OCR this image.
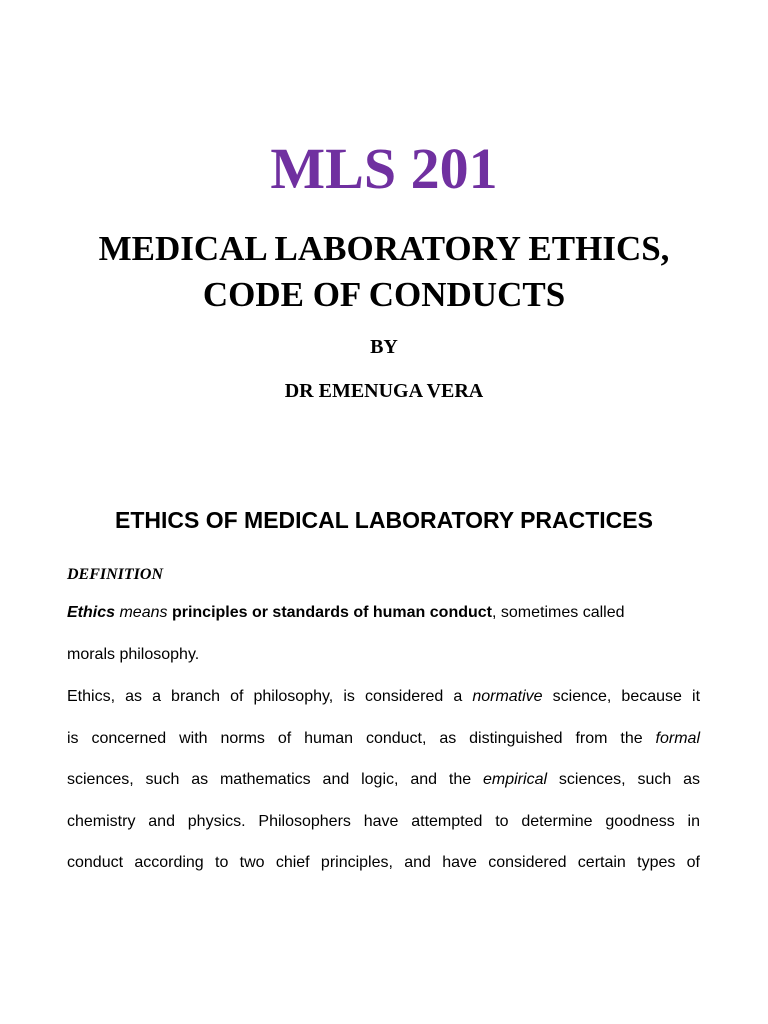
MLS 201
MEDICAL LABORATORY ETHICS,
CODE OF CONDUCTS
BY
DR EMENUGA VERA
ETHICS OF MEDICAL LABORATORY PRACTICES
DEFINITION
Ethics means principles or standards of human conduct, sometimes called
morals philosophy.
Ethics, as a branch of philosophy, is considered a normative science, because it
is concerned with norms of human conduct, as distinguished from the formal
sciences, such as mathematics and logic, and the empirical sciences, such as
chemistry and physics. Philosophers have attempted to determine goodness in
conduct according to two chief principles, and have considered certain types of
